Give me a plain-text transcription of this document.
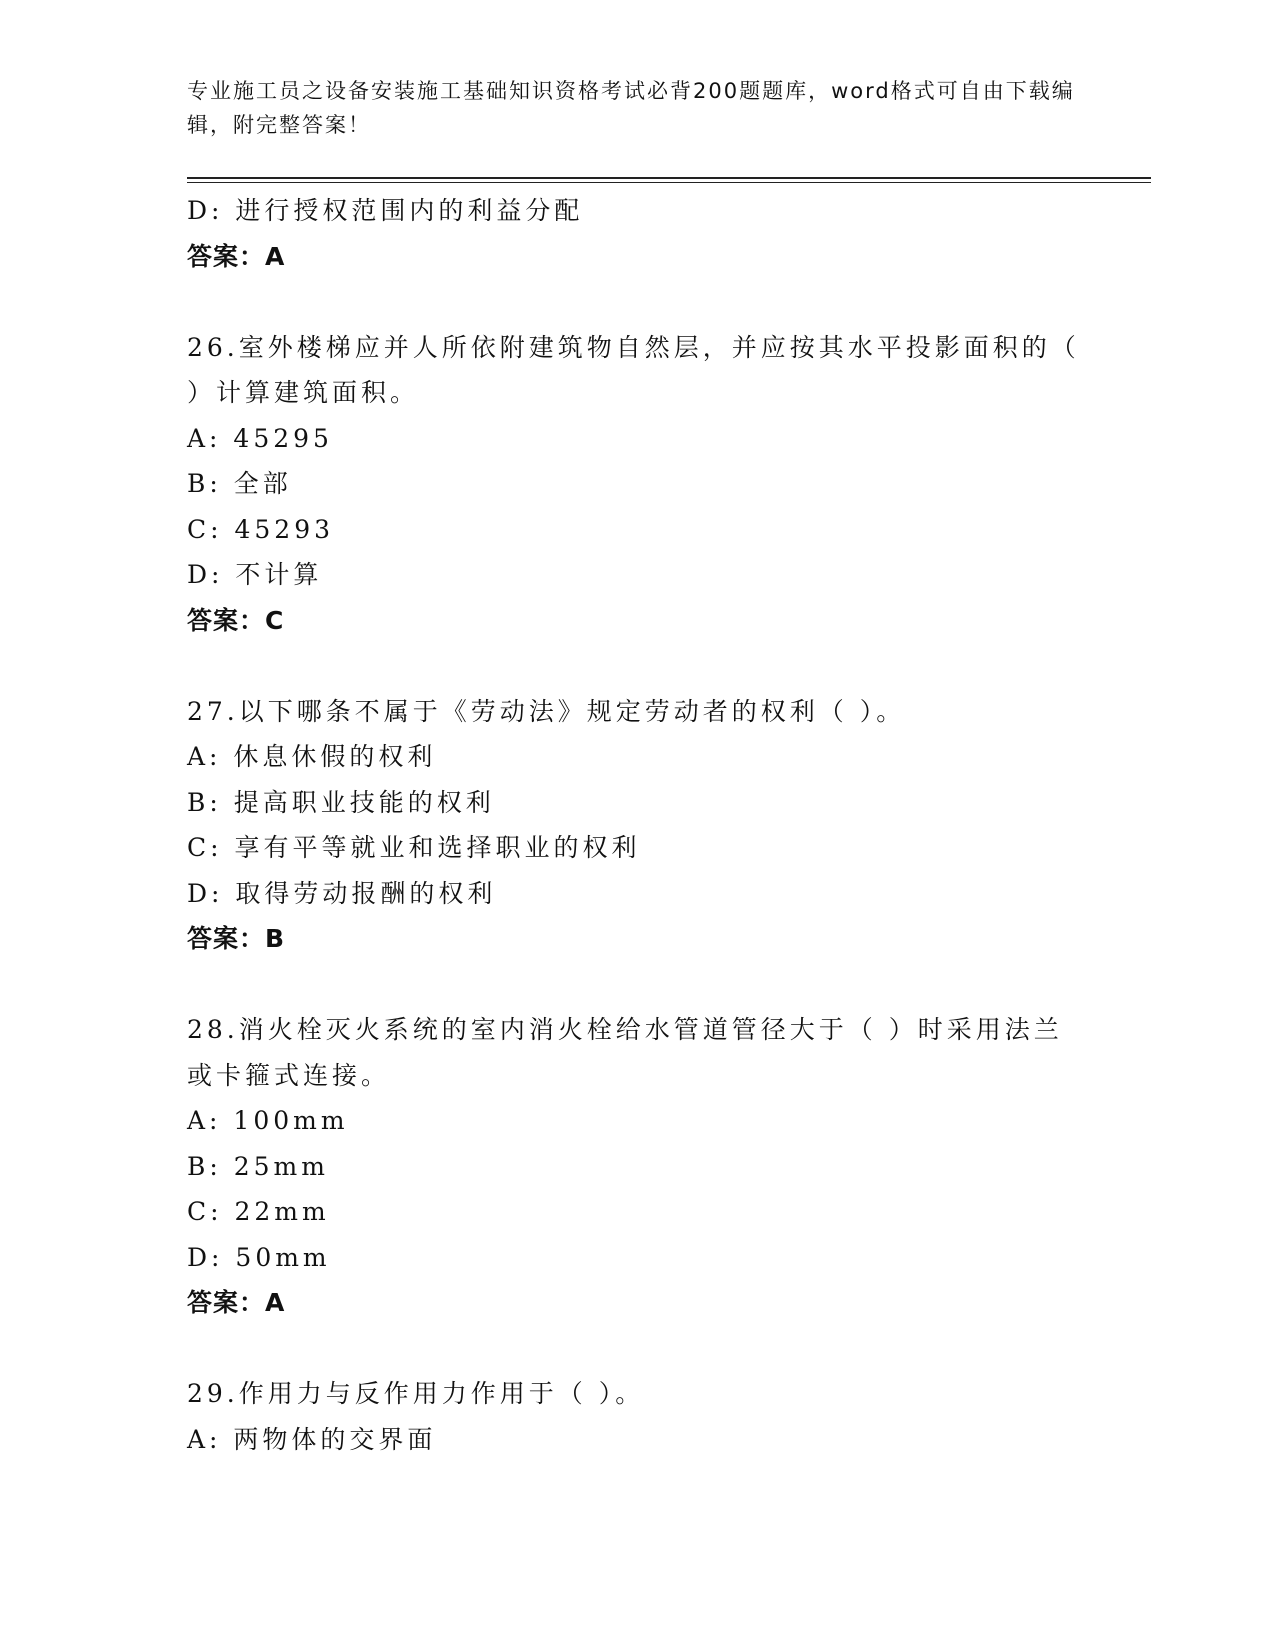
专业施工员之设备安装施工基础知识资格考试必背200题题库，word格式可自由下载编辑，附完整答案！
D: 进行授权范围内的利益分配
答案：A
26.室外楼梯应并人所依附建筑物自然层，并应按其水平投影面积的（
）计算建筑面积。
A: 45295
B: 全部
C: 45293
D: 不计算
答案：C
27.以下哪条不属于《劳动法》规定劳动者的权利（ ）。
A: 休息休假的权利
B: 提高职业技能的权利
C: 享有平等就业和选择职业的权利
D: 取得劳动报酬的权利
答案：B
28.消火栓灭火系统的室内消火栓给水管道管径大于（ ）时采用法兰
或卡箍式连接。
A: 100mm
B: 25mm
C: 22mm
D: 50mm
答案：A
29.作用力与反作用力作用于（ ）。
A: 两物体的交界面
